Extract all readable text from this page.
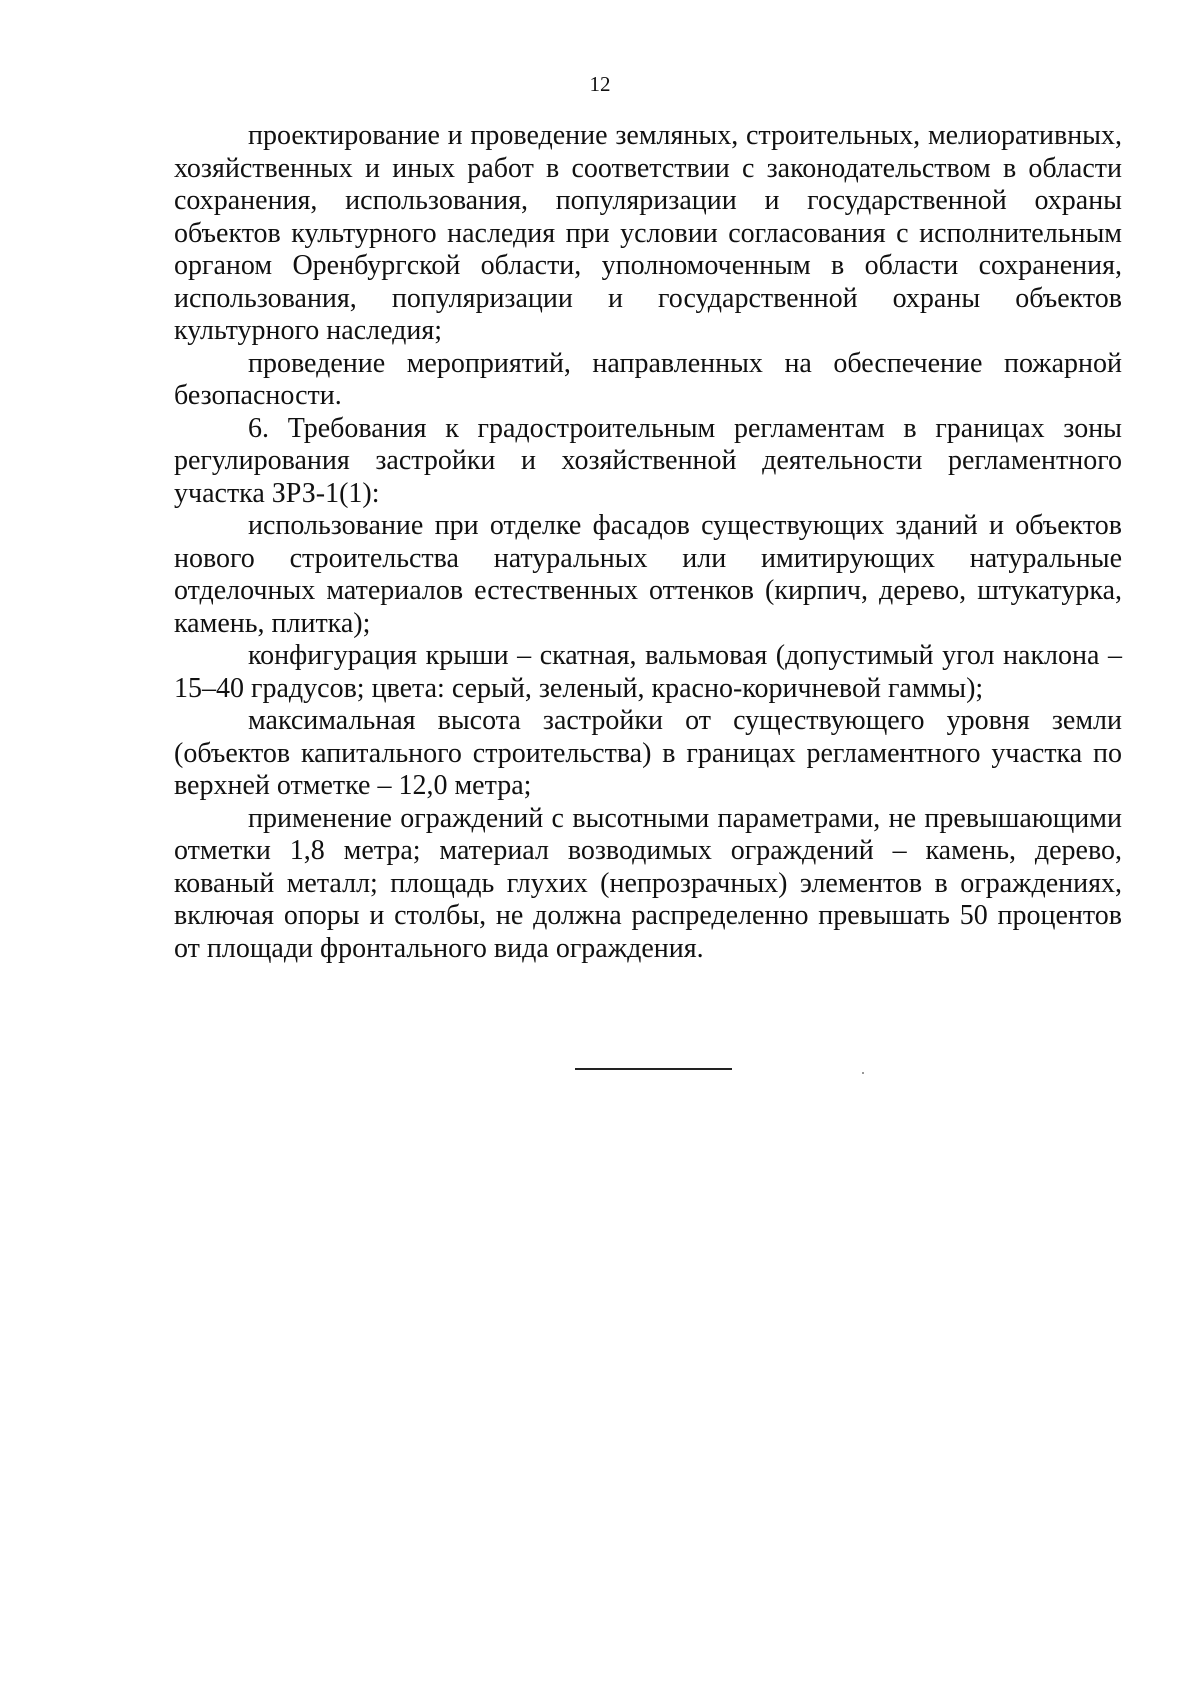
12

проектирование и проведение земляных, строительных, мелиоративных, хозяйственных и иных работ в соответствии с законодательством в области сохранения, использования, популяризации и государственной охраны объектов культурного наследия при условии согласования с исполнительным органом Оренбургской области, уполномоченным в области сохранения, использования, популяризации и государственной охраны объектов культурного наследия;

проведение мероприятий, направленных на обеспечение пожарной безопасности.

6. Требования к градостроительным регламентам в границах зоны регулирования застройки и хозяйственной деятельности регламентного участка ЗРЗ-1(1):

использование при отделке фасадов существующих зданий и объектов нового строительства натуральных или имитирующих натуральные отделочных материалов естественных оттенков (кирпич, дерево, штукатурка, камень, плитка);

конфигурация крыши – скатная, вальмовая (допустимый угол наклона – 15–40 градусов; цвета: серый, зеленый, красно-коричневой гаммы);

максимальная высота застройки от существующего уровня земли (объектов капитального строительства) в границах регламентного участка по верхней отметке – 12,0 метра;

применение ограждений с высотными параметрами, не превышающими отметки 1,8 метра; материал возводимых ограждений – камень, дерево, кованый металл; площадь глухих (непрозрачных) элементов в ограждениях, включая опоры и столбы, не должна распределенно превышать 50 процентов от площади фронтального вида ограждения.
